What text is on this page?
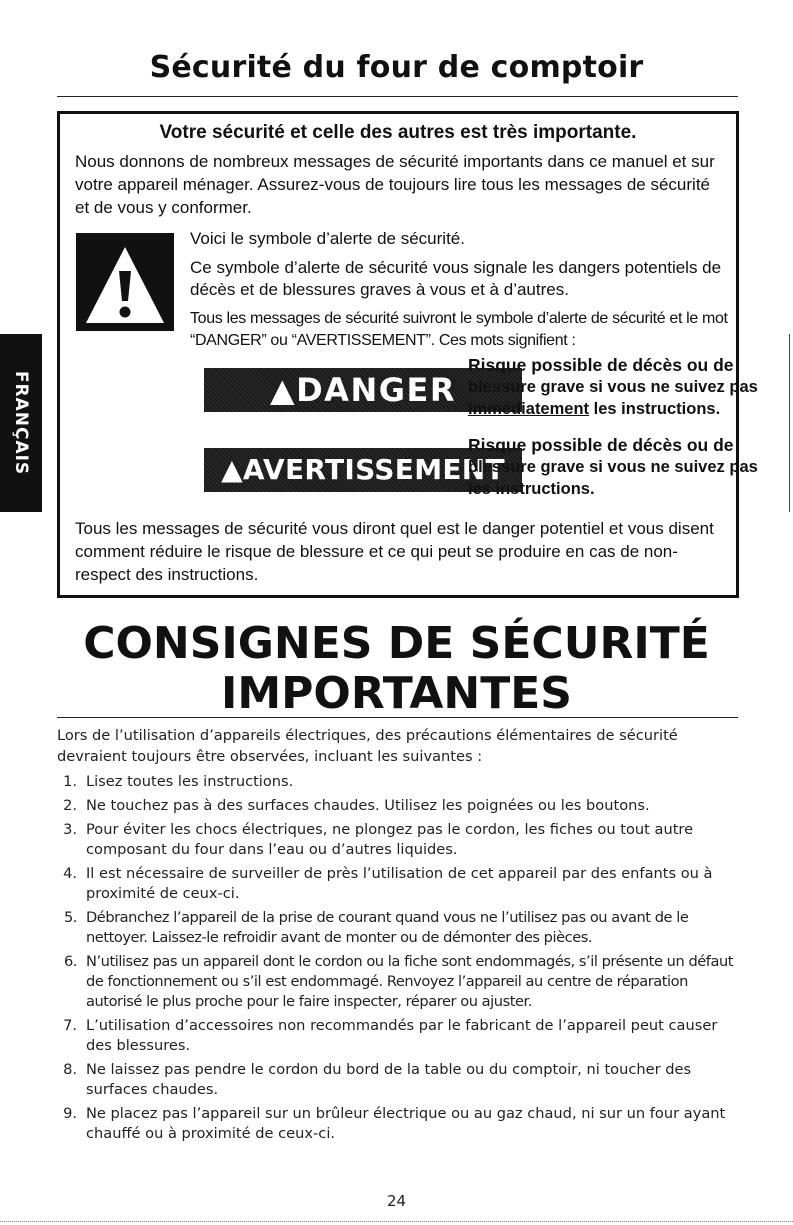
Sécurité du four de comptoir
FRANÇAIS
Votre sécurité et celle des autres est très importante.

Nous donnons de nombreux messages de sécurité importants dans ce manuel et sur votre appareil ménager. Assurez-vous de toujours lire tous les messages de sécurité et de vous y conformer.

Voici le symbole d’alerte de sécurité.

Ce symbole d’alerte de sécurité vous signale les dangers potentiels de décès et de blessures graves à vous et à d’autres.

Tous les messages de sécurité suivront le symbole d’alerte de sécurité et le mot “DANGER” ou “AVERTISSEMENT”. Ces mots signifient :

▲DANGER
Risque possible de décès ou de
blessure grave si vous ne suivez pas
immédiatement les instructions.
▲AVERTISSEMENT
Risque possible de décès ou de
blessure grave si vous ne suivez pas les instructions.

Tous les messages de sécurité vous diront quel est le danger potentiel et vous disent comment réduire le risque de blessure et ce qui peut se produire en cas de non-respect des instructions.

CONSIGNES DE SÉCURITÉ
IMPORTANTES
Lors de l’utilisation d’appareils électriques, des précautions élémentaires de sécurité devraient toujours être observées, incluant les suivantes :
1. Lisez toutes les instructions.
2. Ne touchez pas à des surfaces chaudes. Utilisez les poignées ou les boutons.
3. Pour éviter les chocs électriques, ne plongez pas le cordon, les fiches ou tout autre composant du four dans l’eau ou d’autres liquides.
4. Il est nécessaire de surveiller de près l’utilisation de cet appareil par des enfants ou à proximité de ceux-ci.
5. Débranchez l’appareil de la prise de courant quand vous ne l’utilisez pas ou avant de le nettoyer. Laissez-le refroidir avant de monter ou de démonter des pièces.
6. N’utilisez pas un appareil dont le cordon ou la fiche sont endommagés, s’il présente un défaut de fonctionnement ou s’il est endommagé. Renvoyez l’appareil au centre de réparation autorisé le plus proche pour le faire inspecter, réparer ou ajuster.
7. L’utilisation d’accessoires non recommandés par le fabricant de l’appareil peut causer des blessures.
8. Ne laissez pas pendre le cordon du bord de la table ou du comptoir, ni toucher des surfaces chaudes.
9. Ne placez pas l’appareil sur un brûleur électrique ou au gaz chaud, ni sur un four ayant chauffé ou à proximité de ceux-ci.
24
